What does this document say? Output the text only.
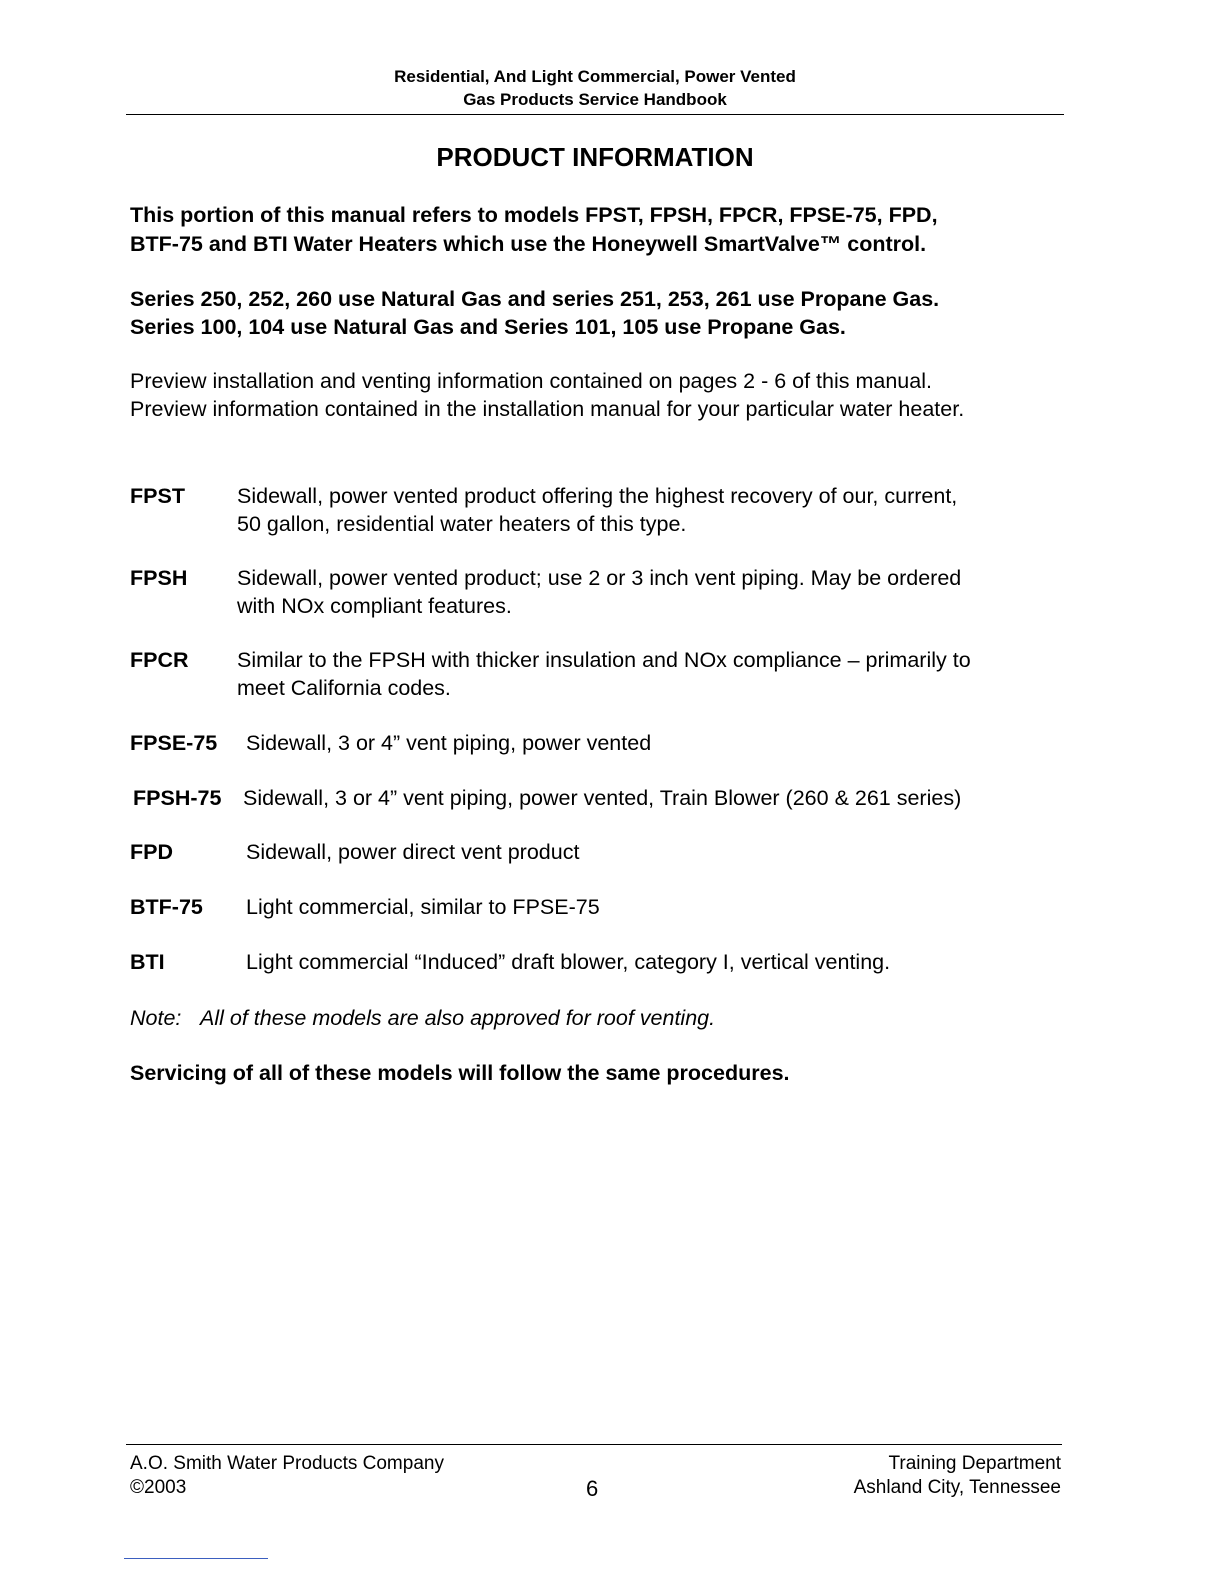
Residential, And Light Commercial, Power Vented
Gas Products Service Handbook
PRODUCT INFORMATION
This portion of this manual refers to models FPST, FPSH, FPCR, FPSE-75, FPD,
BTF-75 and BTI Water Heaters which use the Honeywell SmartValve™ control.
Series 250, 252, 260 use Natural Gas and series 251, 253, 261 use Propane Gas.
Series 100, 104 use Natural Gas and Series 101, 105 use Propane Gas.
Preview installation and venting information contained on pages 2 - 6 of this manual.
Preview information contained in the installation manual for your particular water heater.
FPST Sidewall, power vented product offering the highest recovery of our, current,
50 gallon, residential water heaters of this type.
FPSH Sidewall, power vented product; use 2 or 3 inch vent piping. May be ordered
with NOx compliant features.
FPCR Similar to the FPSH with thicker insulation and NOx compliance – primarily to
meet California codes.
FPSE-75 Sidewall, 3 or 4” vent piping, power vented
FPSH-75 Sidewall, 3 or 4” vent piping, power vented, Train Blower (260 & 261 series)
FPD	Sidewall, power direct vent product
BTF-75 Light commercial, similar to FPSE-75
BTI	Light commercial “Induced” draft blower, category I, vertical venting.
Note: All of these models are also approved for roof venting.
Servicing of all of these models will follow the same procedures.
A.O. Smith Water Products Company
©2003	6
Training Department
Ashland City, Tennessee
